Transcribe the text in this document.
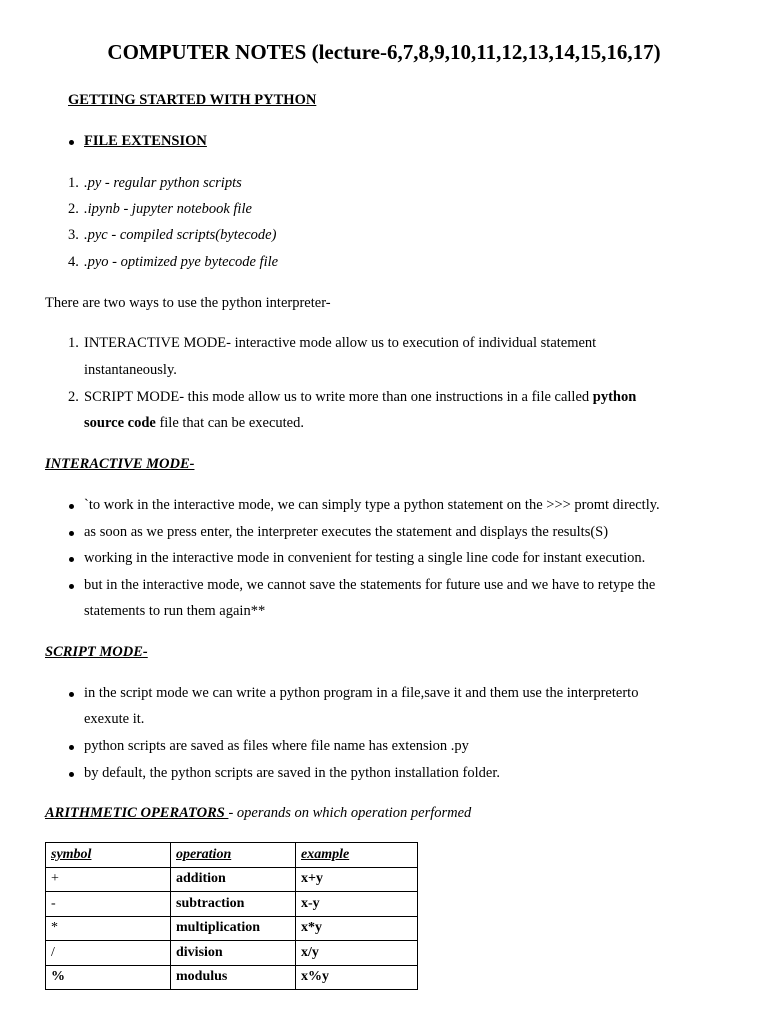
COMPUTER NOTES (lecture-6,7,8,9,10,11,12,13,14,15,16,17)
GETTING STARTED WITH PYTHON
FILE EXTENSION
1. .py - regular python scripts
2. .ipynb - jupyter notebook file
3. .pyc - compiled scripts(bytecode)
4. .pyo - optimized pye bytecode file
There are two ways to use the python interpreter-
1. INTERACTIVE MODE- interactive mode allow us to execution of individual statement
instantaneously.
2. SCRIPT MODE- this mode allow us to write more than one instructions in a file called python
source code file that can be executed.
INTERACTIVE MODE-
`to work in the interactive mode, we can simply type a python statement on the >>> promt directly.
as soon as we press enter, the interpreter executes the statement and displays the results(S)
working in the interactive mode in convenient for testing a single line code for instant execution.
but in the interactive mode, we cannot save the statements for future use and we have to retype the
statements to run them again**
SCRIPT MODE-
in the script mode we can write a python program in a file,save it and them use the interpreterto
exexute it.
python scripts are saved as files where file name has extension .py
by default, the python scripts are saved in the python installation folder.
ARITHMETIC OPERATORS - operands on which operation performed
symbol	operation	example
+	addition	x+y
-	subtraction	x-y
*	multiplication	x*y
/	division	x/y
%	modulus	x%y
